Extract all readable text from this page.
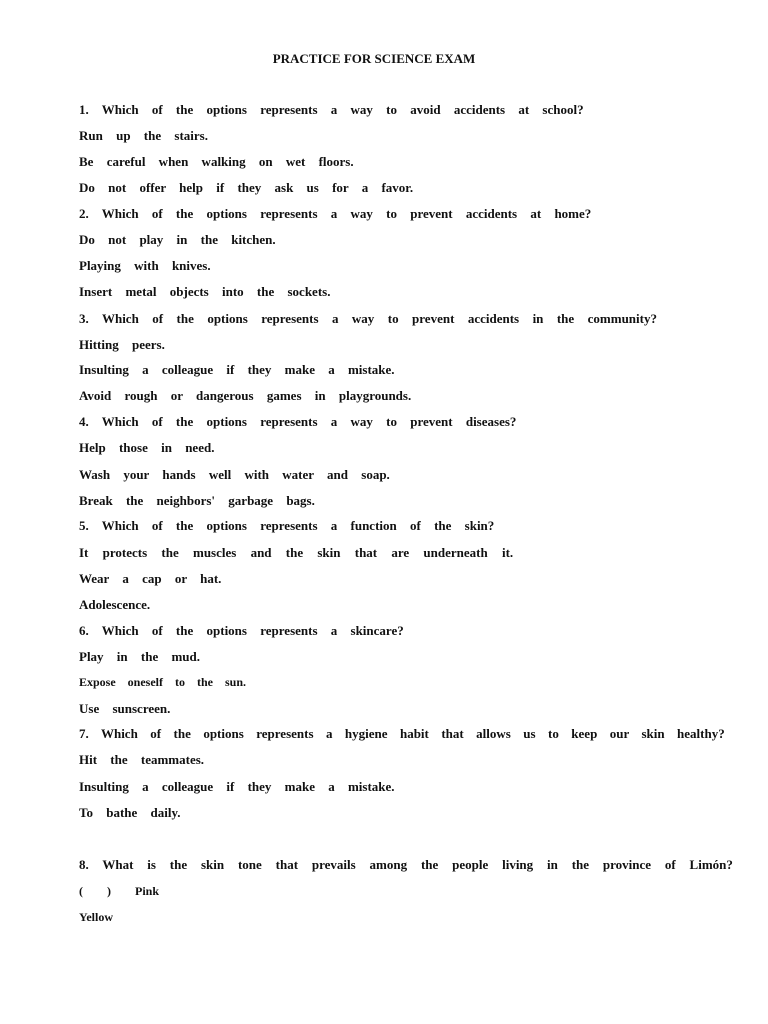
PRACTICE FOR SCIENCE EXAM
1. Which of the options represents a way to avoid accidents at school?
Run up the stairs.
Be careful when walking on wet floors.
Do not offer help if they ask us for a favor.
2. Which of the options represents a way to prevent accidents at home?
Do not play in the kitchen.
Playing with knives.
Insert metal objects into the sockets.
3. Which of the options represents a way to prevent accidents in the community?
Hitting peers.
Insulting a colleague if they make a mistake.
Avoid rough or dangerous games in playgrounds.
4. Which of the options represents a way to prevent diseases?
Help those in need.
Wash your hands well with water and soap.
Break the neighbors' garbage bags.
5. Which of the options represents a function of the skin?
It protects the muscles and the skin that are underneath it.
Wear a cap or hat.
Adolescence.
6. Which of the options represents a skincare?
Play in the mud.
Expose oneself to the sun.
Use sunscreen.
7. Which of the options represents a hygiene habit that allows us to keep our skin healthy?
Hit the teammates.
Insulting a colleague if they make a mistake.
To bathe daily.
8. What is the skin tone that prevails among the people living in the province of Limón?
(  )  Pink
Yellow
